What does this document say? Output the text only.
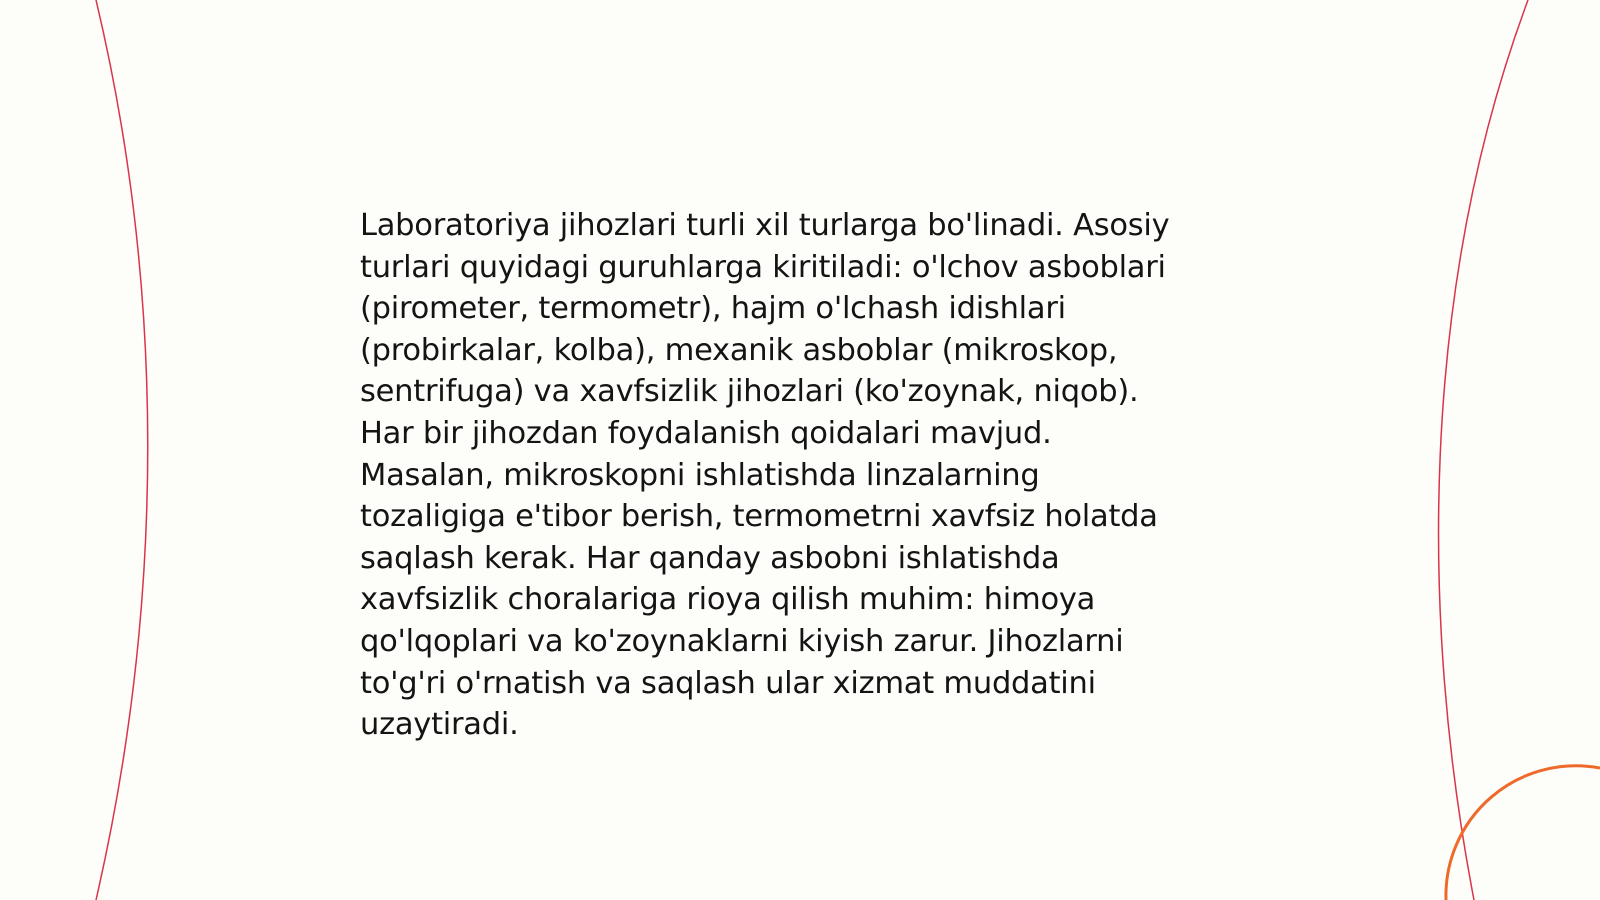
Laboratoriya jihozlari turli xil turlarga bo'linadi. Asosiy
turlari quyidagi guruhlarga kiritiladi: o'lchov asboblari
(pirometer, termometr), hajm o'lchash idishlari
(probirkalar, kolba), mexanik asboblar (mikroskop,
sentrifuga) va xavfsizlik jihozlari (ko'zoynak, niqob).
Har bir jihozdan foydalanish qoidalari mavjud.
Masalan, mikroskopni ishlatishda linzalarning
tozaligiga e'tibor berish, termometrni xavfsiz holatda
saqlash kerak. Har qanday asbobni ishlatishda
xavfsizlik choralariga rioya qilish muhim: himoya
qo'lqoplari va ko'zoynaklarni kiyish zarur. Jihozlarni
to'g'ri o'rnatish va saqlash ular xizmat muddatini
uzaytiradi.
